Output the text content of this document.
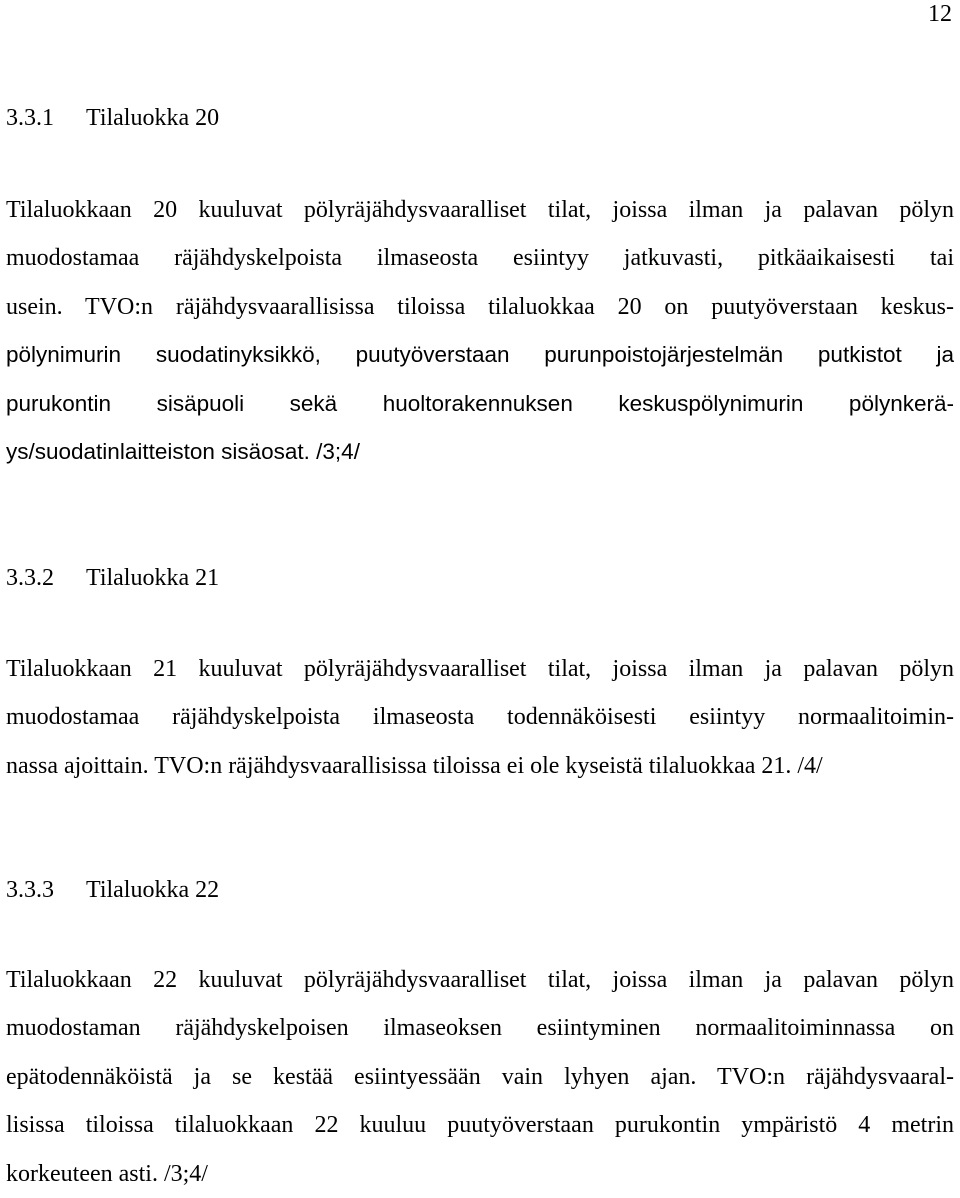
12
3.3.1 Tilaluokka 20
Tilaluokkaan 20 kuuluvat pölyräjähdysvaaralliset tilat, joissa ilman ja palavan pölyn
muodostamaa räjähdyskelpoista ilmaseosta esiintyy jatkuvasti, pitkäaikaisesti tai
usein. TVO:n räjähdysvaarallisissa tiloissa tilaluokkaa 20 on puutyöverstaan keskus-
pölynimurin suodatinyksikkö, puutyöverstaan purunpoistojärjestelmän putkistot ja
purukontin sisäpuoli sekä huoltorakennuksen keskuspölynimurin pölynkerä-
ys/suodatinlaitteiston sisäosat. /3;4/
3.3.2 Tilaluokka 21
Tilaluokkaan 21 kuuluvat pölyräjähdysvaaralliset tilat, joissa ilman ja palavan pölyn
muodostamaa räjähdyskelpoista ilmaseosta todennäköisesti esiintyy normaalitoimin-
nassa ajoittain. TVO:n räjähdysvaarallisissa tiloissa ei ole kyseistä tilaluokkaa 21. /4/
3.3.3 Tilaluokka 22
Tilaluokkaan 22 kuuluvat pölyräjähdysvaaralliset tilat, joissa ilman ja palavan pölyn
muodostaman räjähdyskelpoisen ilmaseoksen esiintyminen normaalitoiminnassa on
epätodennäköistä ja se kestää esiintyessään vain lyhyen ajan. TVO:n räjähdysvaaral-
lisissa tiloissa tilaluokkaan 22 kuuluu puutyöverstaan purukontin ympäristö 4 metrin
korkeuteen asti. /3;4/
